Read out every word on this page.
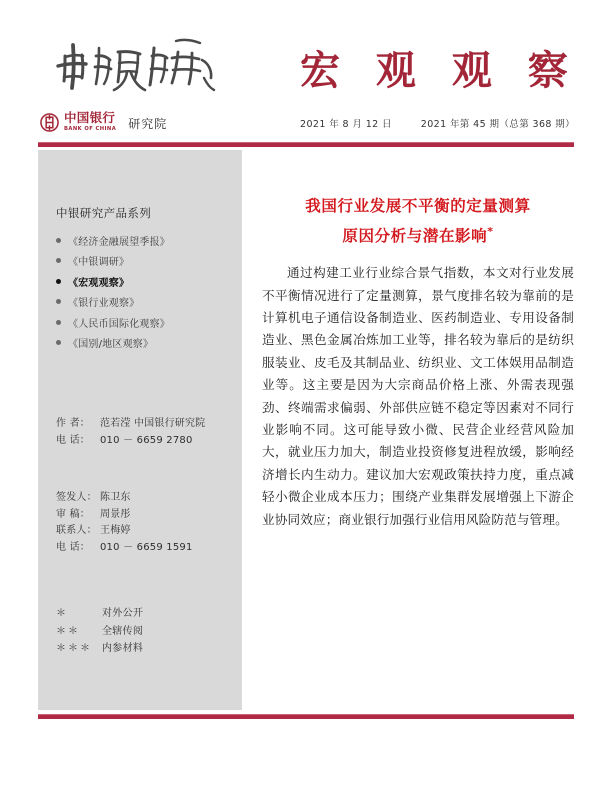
宏 观 观 察
中国银行
BANK OF CHINA 研究院	2021 年 8 月 12 日	2021 年第 45 期（总第 368 期）
中银研究产品系列
《经济金融展望季报》
《中银调研》
《宏观观察》
《银行业观察》
《人民币国际化观察》
《国别/地区观察》
作 者：	范若滢 中国银行研究院
电 话：	010 － 6659 2780
签发人： 陈卫东
审 稿：	周景彤
联系人： 王梅婷
电 话：	010 － 6659 1591
＊	对外公开
＊＊	全辖传阅
＊＊＊	内参材料
我国行业发展不平衡的定量测算
原因分析与潜在影响*

通过构建工业行业综合景气指数，本文对行业发展不平衡情况进行了定量测算，景气度排名较为靠前的是计算机电子通信设备制造业、医药制造业、专用设备制造业、黑色金属冶炼加工业等，排名较为靠后的是纺织服装业、皮毛及其制品业、纺织业、文工体娱用品制造业等。这主要是因为大宗商品价格上涨、外需表现强劲、终端需求偏弱、外部供应链不稳定等因素对不同行业影响不同。这可能导致小微、民营企业经营风险加大，就业压力加大，制造业投资修复进程放缓，影响经济增长内生动力。建议加大宏观政策扶持力度，重点减轻小微企业成本压力；围绕产业集群发展增强上下游企业协同效应；商业银行加强行业信用风险防范与管理。
